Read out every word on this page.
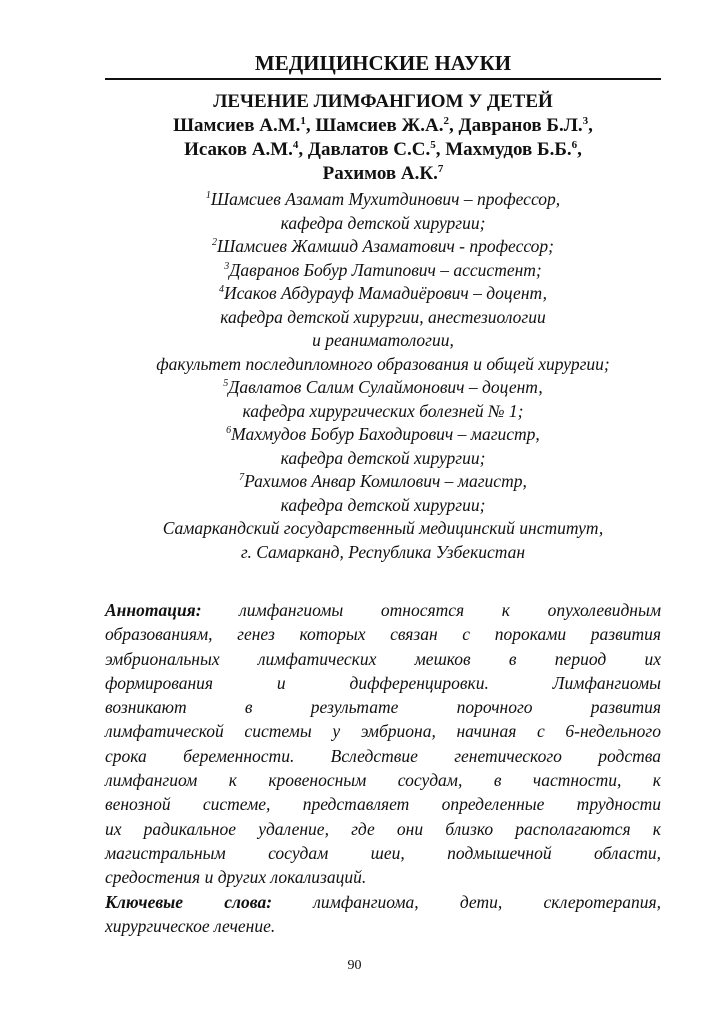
МЕДИЦИНСКИЕ НАУКИ
ЛЕЧЕНИЕ ЛИМФАНГИОМ У ДЕТЕЙ
Шамсиев А.М.$^1$, Шамсиев Ж.А.$^2$, Давранов Б.Л.$^3$,
Исаков А.М.$^4$, Давлатов С.С.$^5$, Махмудов Б.Б.$^6$,
Рахимов А.К.$^7$
$^1$Шамсиев Азамат Мухитдинович – профессор,
кафедра детской хирургии;
$^2$Шамсиев Жамшид Азаматович - профессор;
$^3$Давранов Бобур Латипович – ассистент;
$^4$Исаков Абдурауф Мамадиёрович – доцент,
кафедра детской хирургии, анестезиологии
и реаниматологии,
факультет последипломного образования и общей хирургии;
$^5$Давлатов Салим Сулаймонович – доцент,
кафедра хирургических болезней № 1;
$^6$Махмудов Бобур Баходирович – магистр,
кафедра детской хирургии;
$^7$Рахимов Анвар Комилович – магистр,
кафедра детской хирургии;
Самаркандский государственный медицинский институт,
г. Самарканд, Республика Узбекистан
Аннотация: лимфангиомы относятся к опухолевидным
образованиям, генез которых связан с пороками развития
эмбриональных лимфатических мешков в период их
формирования и дифференцировки. Лимфангиомы
возникают в результате порочного развития
лимфатической системы у эмбриона, начиная с 6-недельного
срока беременности. Вследствие генетического родства
лимфангиом к кровеносным сосудам, в частности, к
венозной системе, представляет определенные трудности
их радикальное удаление, где они близко располагаются к
магистральным сосудам шеи, подмышечной области,
средостения и других локализаций.
Ключевые слова: лимфангиома, дети, склеротерапия,
хирургическое лечение.
90
